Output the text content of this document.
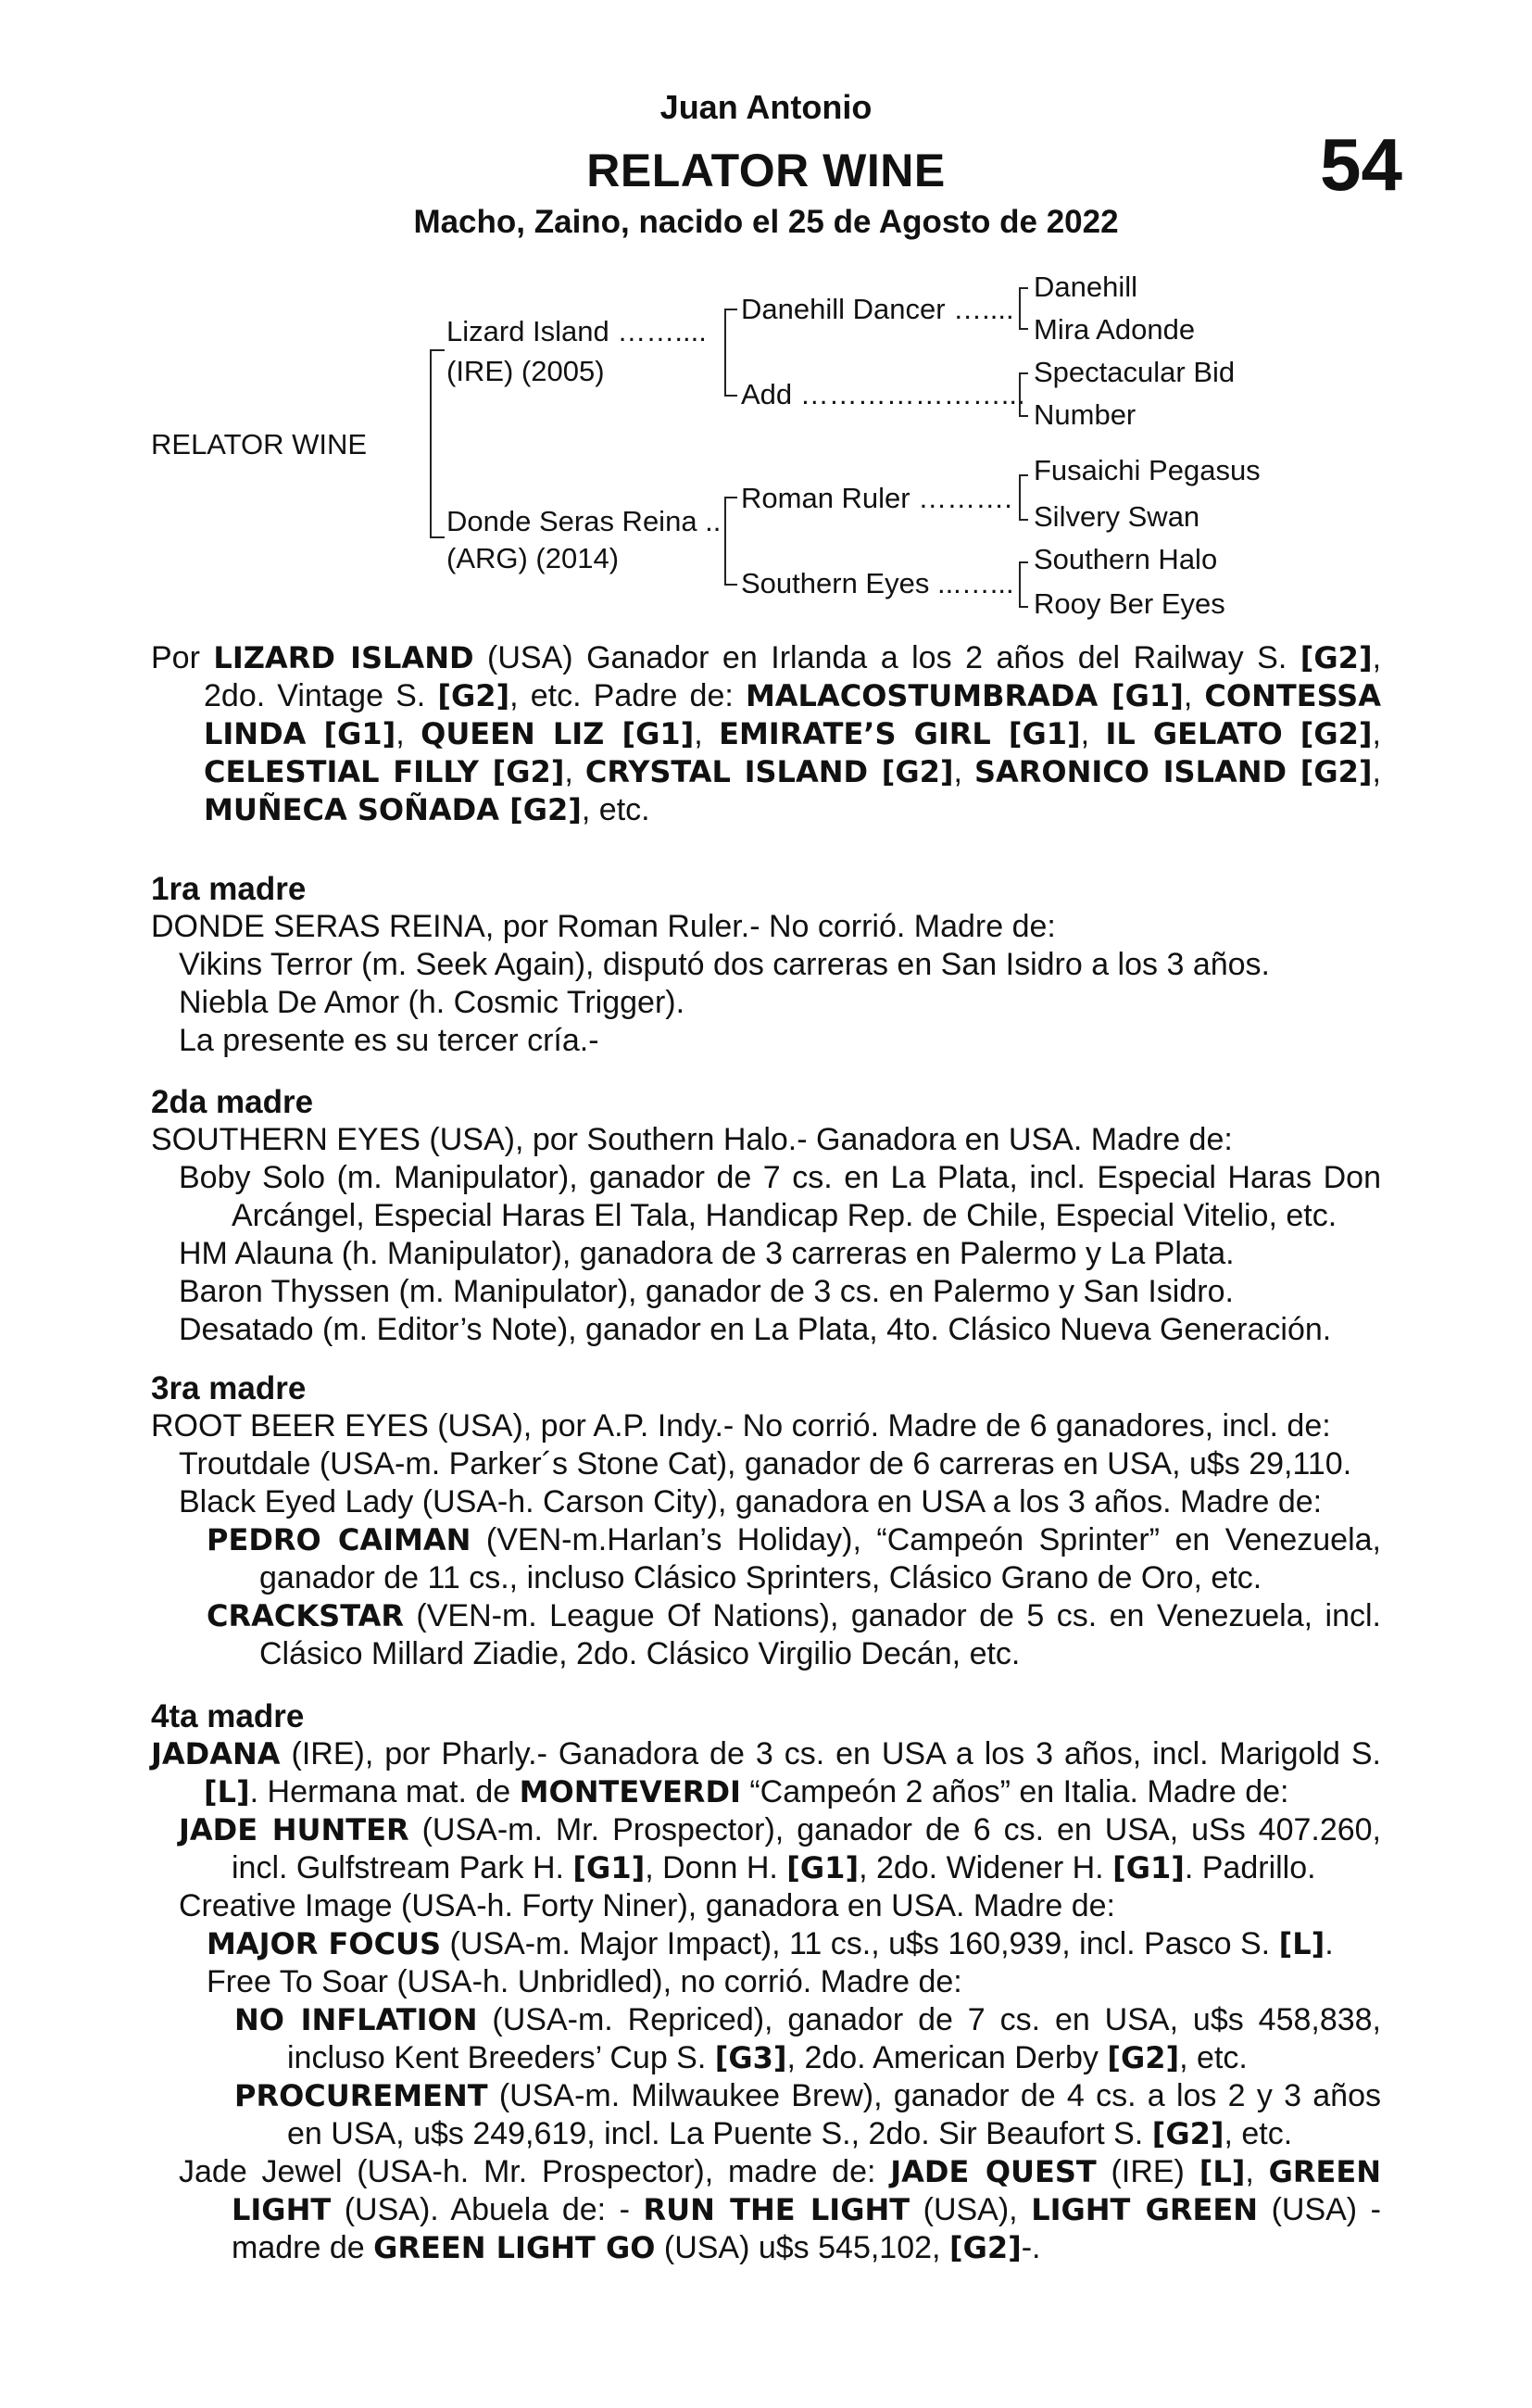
Juan Antonio
RELATOR WINE
Macho, Zaino, nacido el 25 de Agosto de 2022
54
RELATOR WINE
Lizard Island ……....
(IRE) (2005)
Donde Seras Reina ..
(ARG) (2014)
Danehill Dancer …....
Add …………………...
Roman Ruler ……….
Southern Eyes ...…...
Danehill
Mira Adonde
Spectacular Bid
Number
Fusaichi Pegasus
Silvery Swan
Southern Halo
Rooy Ber Eyes

Por LIZARD ISLAND (USA) Ganador en Irlanda a los 2 años del Railway S. [G2], 2do. Vintage S. [G2], etc. Padre de: MALACOSTUMBRADA [G1], CONTESSA LINDA [G1], QUEEN LIZ [G1], EMIRATE’S GIRL [G1], IL GELATO [G2], CELESTIAL FILLY [G2], CRYSTAL ISLAND [G2], SARONICO ISLAND [G2], MUÑECA SOÑADA [G2], etc.

1ra madre

DONDE SERAS REINA, por Roman Ruler.- No corrió. Madre de:

Vikins Terror (m. Seek Again), disputó dos carreras en San Isidro a los 3 años.

Niebla De Amor (h. Cosmic Trigger).

La presente es su tercer cría.-

2da madre

SOUTHERN EYES (USA), por Southern Halo.- Ganadora en USA. Madre de:

Boby Solo (m. Manipulator), ganador de 7 cs. en La Plata, incl. Especial Haras Don Arcángel, Especial Haras El Tala, Handicap Rep. de Chile, Especial Vitelio, etc.

HM Alauna (h. Manipulator), ganadora de 3 carreras en Palermo y La Plata.

Baron Thyssen (m. Manipulator), ganador de 3 cs. en Palermo y San Isidro.

Desatado (m. Editor’s Note), ganador en La Plata, 4to. Clásico Nueva Generación.

3ra madre

ROOT BEER EYES (USA), por A.P. Indy.- No corrió. Madre de 6 ganadores, incl. de:

Troutdale (USA-m. Parker´s Stone Cat), ganador de 6 carreras en USA, u$s 29,110.

Black Eyed Lady (USA-h. Carson City), ganadora en USA a los 3 años. Madre de:

PEDRO CAIMAN (VEN-m.Harlan’s Holiday), “Campeón Sprinter” en Venezuela, ganador de 11 cs., incluso Clásico Sprinters, Clásico Grano de Oro, etc.

CRACKSTAR (VEN-m. League Of Nations), ganador de 5 cs. en Venezuela, incl. Clásico Millard Ziadie, 2do. Clásico Virgilio Decán, etc.

4ta madre

JADANA (IRE), por Pharly.- Ganadora de 3 cs. en USA a los 3 años, incl. Marigold S. [L]. Hermana mat. de MONTEVERDI “Campeón 2 años” en Italia. Madre de:

JADE HUNTER (USA-m. Mr. Prospector), ganador de 6 cs. en USA, uSs 407.260, incl. Gulfstream Park H. [G1], Donn H. [G1], 2do. Widener H. [G1]. Padrillo.

Creative Image (USA-h. Forty Niner), ganadora en USA. Madre de:

MAJOR FOCUS (USA-m. Major Impact), 11 cs., u$s 160,939, incl. Pasco S. [L].

Free To Soar (USA-h. Unbridled), no corrió. Madre de:

NO INFLATION (USA-m. Repriced), ganador de 7 cs. en USA, u$s 458,838, incluso Kent Breeders’ Cup S. [G3], 2do. American Derby [G2], etc.

PROCUREMENT (USA-m. Milwaukee Brew), ganador de 4 cs. a los 2 y 3 años en USA, u$s 249,619, incl. La Puente S., 2do. Sir Beaufort S. [G2], etc.

Jade Jewel (USA-h. Mr. Prospector), madre de: JADE QUEST (IRE) [L], GREEN LIGHT (USA). Abuela de: - RUN THE LIGHT (USA), LIGHT GREEN (USA) -madre de GREEN LIGHT GO (USA) u$s 545,102, [G2]-.
